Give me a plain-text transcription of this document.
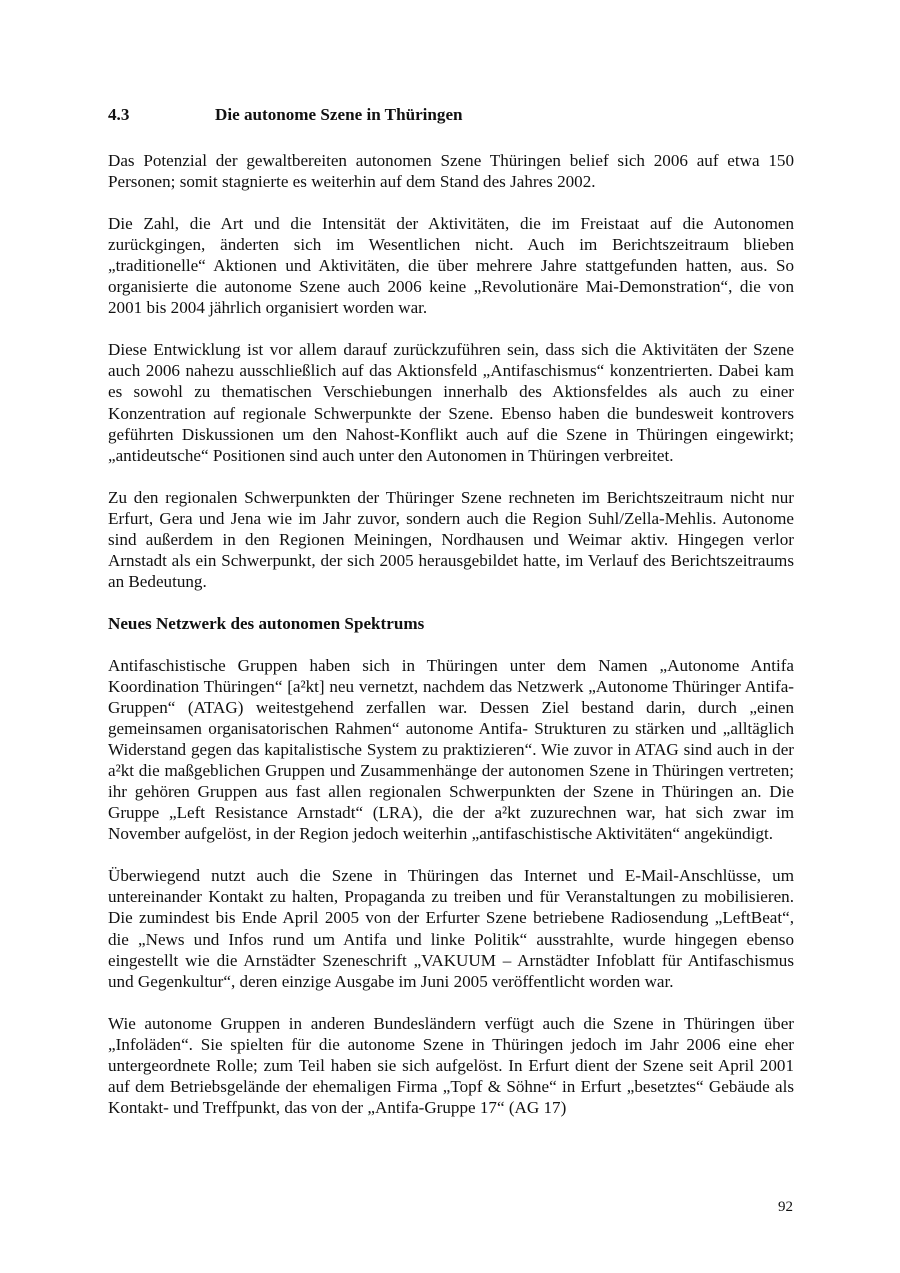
4.3	Die autonome Szene in Thüringen

Das Potenzial der gewaltbereiten autonomen Szene Thüringen belief sich 2006 auf etwa 150 Personen; somit stagnierte es weiterhin auf dem Stand des Jahres 2002.

Die Zahl, die Art und die Intensität der Aktivitäten, die im Freistaat auf die Autonomen zurückgingen, änderten sich im Wesentlichen nicht. Auch im Berichtszeitraum blieben „traditionelle“ Aktionen und Aktivitäten, die über mehrere Jahre stattgefunden hatten, aus. So organisierte die autonome Szene auch 2006 keine „Revolutionäre Mai-Demonstration“, die von 2001 bis 2004 jährlich organisiert worden war.

Diese Entwicklung ist vor allem darauf zurückzuführen sein, dass sich die Aktivitäten der Szene auch 2006 nahezu ausschließlich auf das Aktionsfeld „Antifaschismus“ konzentrierten. Dabei kam es sowohl zu thematischen Verschiebungen innerhalb des Aktionsfeldes als auch zu einer Konzentration auf regionale Schwerpunkte der Szene. Ebenso haben die bundesweit kontrovers geführten Diskussionen um den Nahost-Konflikt auch auf die Szene in Thüringen eingewirkt; „antideutsche“ Positionen sind auch unter den Autonomen in Thüringen verbreitet.

Zu den regionalen Schwerpunkten der Thüringer Szene rechneten im Berichtszeitraum nicht nur Erfurt, Gera und Jena wie im Jahr zuvor, sondern auch die Region Suhl/Zella-Mehlis. Autonome sind außerdem in den Regionen Meiningen, Nordhausen und Weimar aktiv. Hingegen verlor Arnstadt als ein Schwerpunkt, der sich 2005 herausgebildet hatte, im Verlauf des Berichtszeitraums an Bedeutung.

Neues Netzwerk des autonomen Spektrums

Antifaschistische Gruppen haben sich in Thüringen unter dem Namen „Autonome Antifa Koordination Thüringen“ [a²kt] neu vernetzt, nachdem das Netzwerk „Autonome Thüringer Antifa-Gruppen“ (ATAG) weitestgehend zerfallen war. Dessen Ziel bestand darin, durch „einen gemeinsamen organisatorischen Rahmen“ autonome Antifa- Strukturen zu stärken und „alltäglich Widerstand gegen das kapitalistische System zu praktizieren“. Wie zuvor in ATAG sind auch in der a²kt die maßgeblichen Gruppen und Zusammenhänge der autonomen Szene in Thüringen vertreten; ihr gehören Gruppen aus fast allen regionalen Schwerpunkten der Szene in Thüringen an. Die Gruppe „Left Resistance Arnstadt“ (LRA), die der a²kt zuzurechnen war, hat sich zwar im November aufgelöst, in der Region jedoch weiterhin „antifaschistische Aktivitäten“ angekündigt.

Überwiegend nutzt auch die Szene in Thüringen das Internet und E-Mail-Anschlüsse, um untereinander Kontakt zu halten, Propaganda zu treiben und für Veranstaltungen zu mobilisieren. Die zumindest bis Ende April 2005 von der Erfurter Szene betriebene Radiosendung „LeftBeat“, die „News und Infos rund um Antifa und linke Politik“ ausstrahlte, wurde hingegen ebenso eingestellt wie die Arnstädter Szeneschrift „VAKUUM – Arnstädter Infoblatt für Antifaschismus und Gegenkultur“, deren einzige Ausgabe im Juni 2005 veröffentlicht worden war.

Wie autonome Gruppen in anderen Bundesländern verfügt auch die Szene in Thüringen über „Infoläden“. Sie spielten für die autonome Szene in Thüringen jedoch im Jahr 2006 eine eher untergeordnete Rolle; zum Teil haben sie sich aufgelöst. In Erfurt dient der Szene seit April 2001 auf dem Betriebsgelände der ehemaligen Firma „Topf & Söhne“ in Erfurt „besetztes“ Gebäude als Kontakt- und Treffpunkt, das von der „Antifa-Gruppe 17“ (AG 17)

92
